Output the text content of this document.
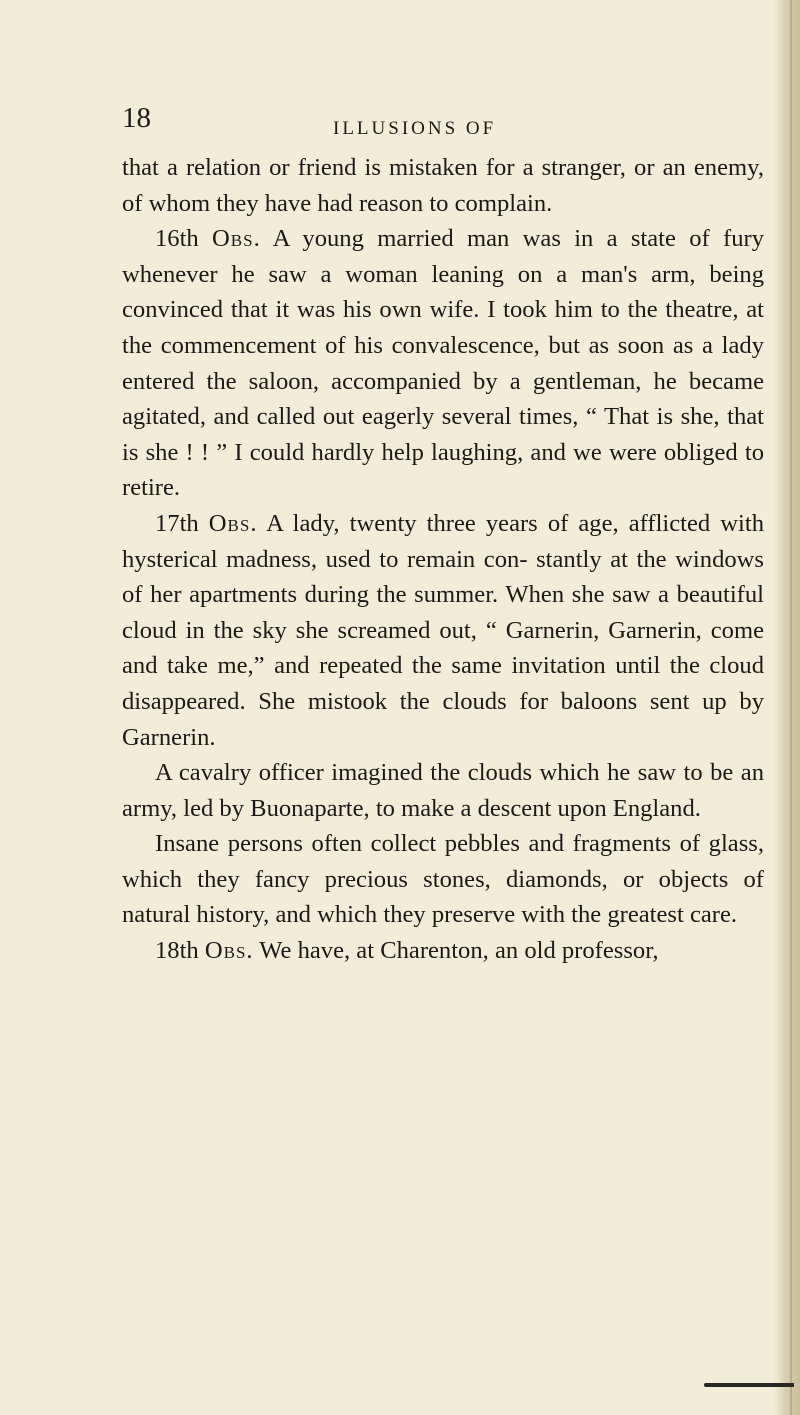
18	ILLUSIONS OF

that a relation or friend is mistaken for a stranger, or an enemy, of whom they have had reason to complain.

16th Obs. A young married man was in a state of fury whenever he saw a woman leaning on a man's arm, being convinced that it was his own wife. I took him to the theatre, at the commencement of his convalescence, but as soon as a lady entered the saloon, accompanied by a gentleman, he became agitated, and called out eagerly several times, “ That is she, that is she ! ! ” I could hardly help laughing, and we were obliged to retire.

17th Obs. A lady, twenty three years of age, afflicted with hysterical madness, used to remain con- stantly at the windows of her apartments during the summer. When she saw a beautiful cloud in the sky she screamed out, “ Garnerin, Garnerin, come and take me,” and repeated the same invitation until the cloud disappeared. She mistook the clouds for baloons sent up by Garnerin.

A cavalry officer imagined the clouds which he saw to be an army, led by Buonaparte, to make a descent upon England.

Insane persons often collect pebbles and fragments of glass, which they fancy precious stones, diamonds, or objects of natural history, and which they preserve with the greatest care.

18th Obs. We have, at Charenton, an old professor,
